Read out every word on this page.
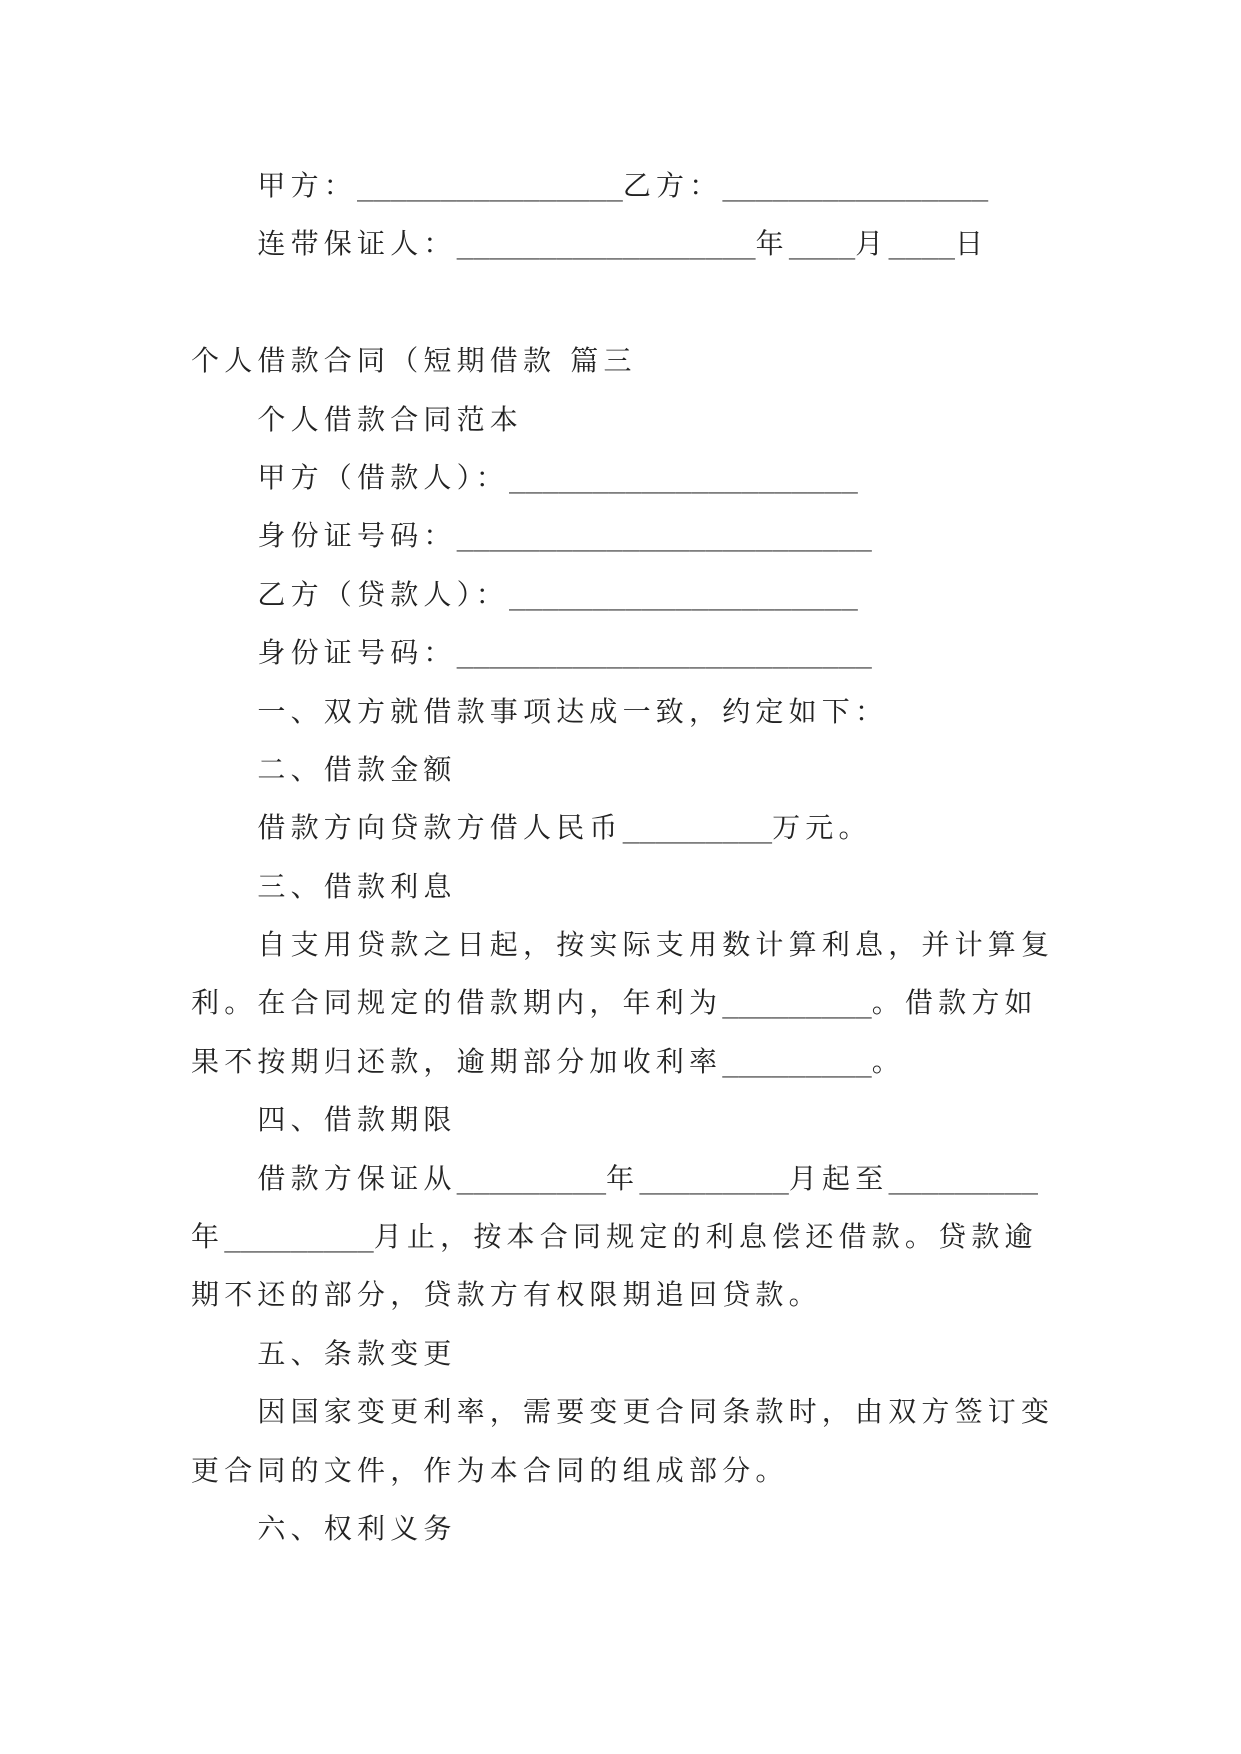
甲方： ________________ 乙方： ________________
连带保证人： __________________ 年 ____ 月 ____ 日
个人借款合同（短期借款 篇三
个人借款合同范本
甲方（借款人）： _____________________
身份证号码： _________________________
乙方（贷款人）： _____________________
身份证号码： _________________________
一、双方就借款事项达成一致，约定如下：
二、借款金额
借款方向贷款方借人民币 _________ 万元。
三、借款利息
自支用贷款之日起，按实际支用数计算利息，并计算复
利。在合同规定的借款期内，年利为 _________ 。借款方如
果不按期归还款，逾期部分加收利率 _________ 。
四、借款期限
借款方保证从 _________ 年 _________ 月起至 _________
年 _________ 月止，按本合同规定的利息偿还借款。贷款逾
期不还的部分，贷款方有权限期追回贷款。
五、条款变更
因国家变更利率，需要变更合同条款时，由双方签订变
更合同的文件，作为本合同的组成部分。
六、权利义务
